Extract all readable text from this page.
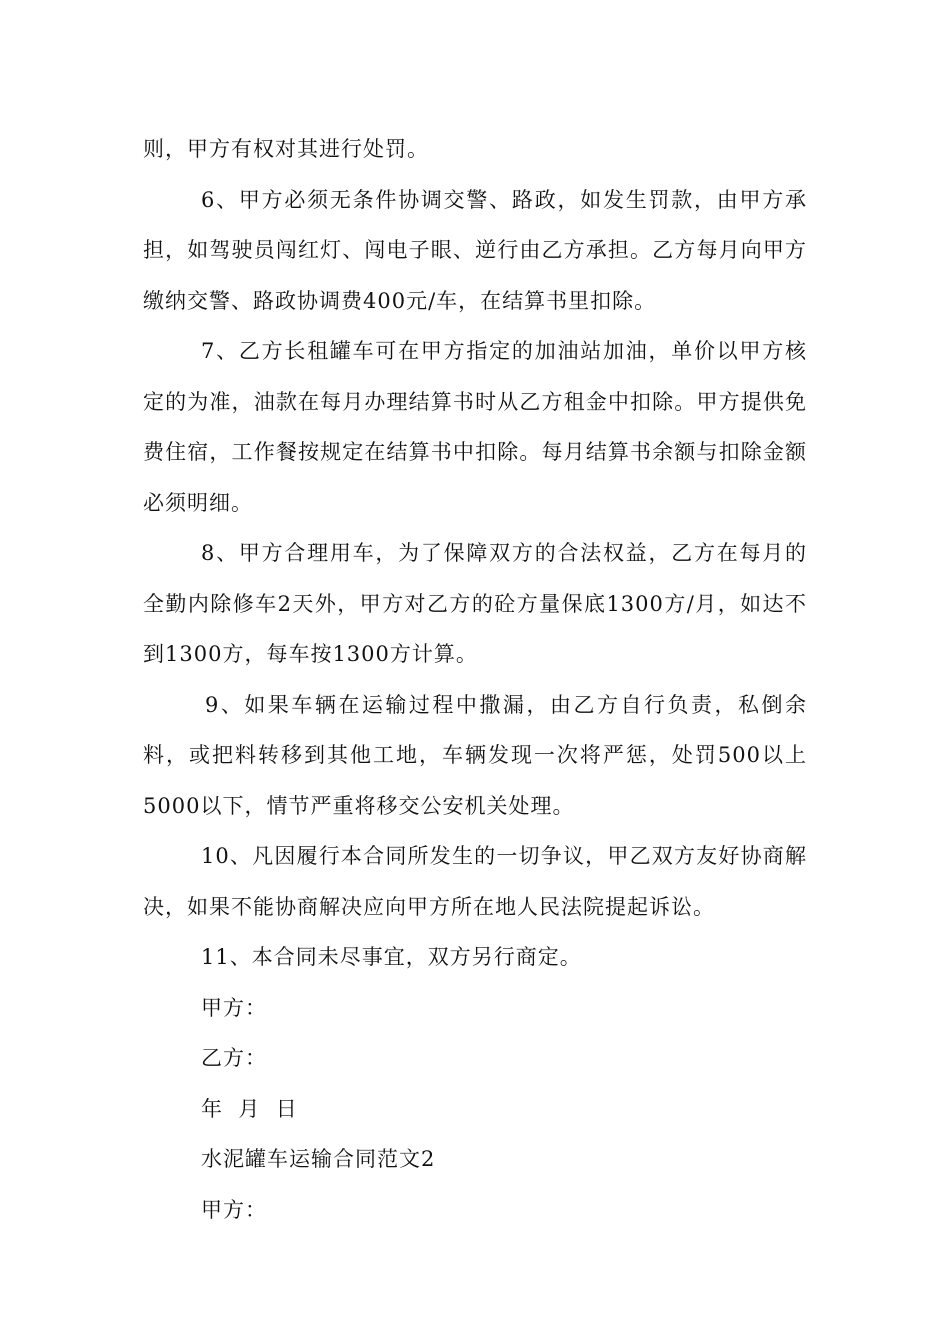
则，甲方有权对其进行处罚。

6、甲方必须无条件协调交警、路政，如发生罚款，由甲方承担，如驾驶员闯红灯、闯电子眼、逆行由乙方承担。乙方每月向甲方缴纳交警、路政协调费400元/车，在结算书里扣除。

7、乙方长租罐车可在甲方指定的加油站加油，单价以甲方核定的为准，油款在每月办理结算书时从乙方租金中扣除。甲方提供免费住宿，工作餐按规定在结算书中扣除。每月结算书余额与扣除金额必须明细。

8、甲方合理用车，为了保障双方的合法权益，乙方在每月的全勤内除修车2天外，甲方对乙方的砼方量保底1300方/月，如达不到1300方，每车按1300方计算。

9、如果车辆在运输过程中撒漏，由乙方自行负责，私倒余料，或把料转移到其他工地，车辆发现一次将严惩，处罚500以上5000以下，情节严重将移交公安机关处理。

10、凡因履行本合同所发生的一切争议，甲乙双方友好协商解决，如果不能协商解决应向甲方所在地人民法院提起诉讼。

11、本合同未尽事宜，双方另行商定。

甲方：

乙方：

年  月  日

水泥罐车运输合同范文2

甲方：
